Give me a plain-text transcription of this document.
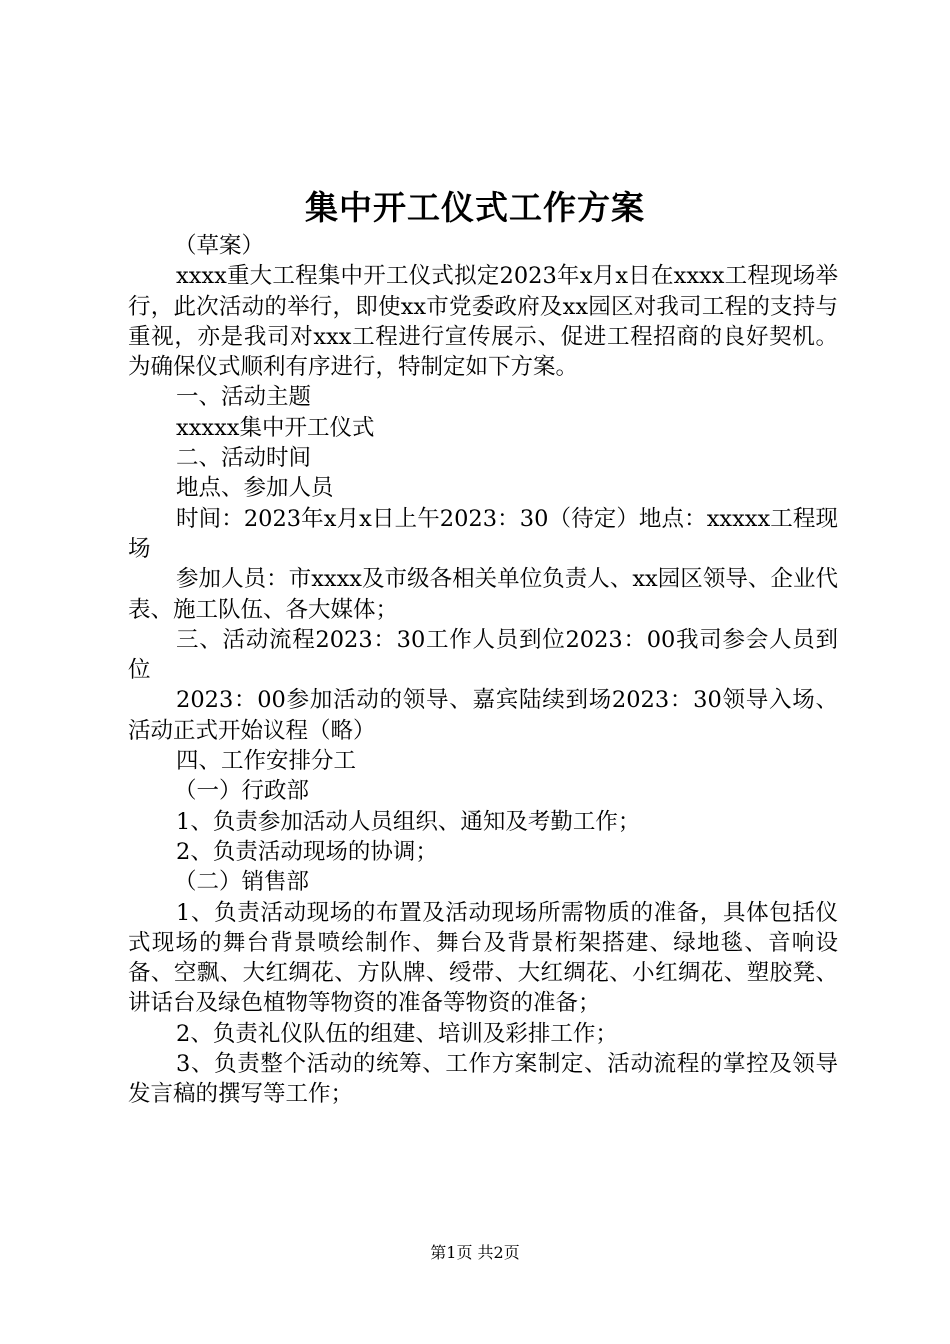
集中开工仪式工作方案

（草案）

xxxx重大工程集中开工仪式拟定2023年x月x日在xxxx工程现场举行，此次活动的举行，即使xx市党委政府及xx园区对我司工程的支持与重视，亦是我司对xxx工程进行宣传展示、促进工程招商的良好契机。为确保仪式顺利有序进行，特制定如下方案。

一、活动主题

xxxxx集中开工仪式

二、活动时间

地点、参加人员

时间：2023年x月x日上午2023：30（待定）地点：xxxxx工程现场

参加人员：市xxxx及市级各相关单位负责人、xx园区领导、企业代表、施工队伍、各大媒体；

三、活动流程2023：30工作人员到位2023：00我司参会人员到位

2023：00参加活动的领导、嘉宾陆续到场2023：30领导入场、活动正式开始议程（略）

四、工作安排分工

（一）行政部

1、负责参加活动人员组织、通知及考勤工作；

2、负责活动现场的协调；

（二）销售部

1、负责活动现场的布置及活动现场所需物质的准备，具体包括仪式现场的舞台背景喷绘制作、舞台及背景桁架搭建、绿地毯、音响设备、空飘、大红绸花、方队牌、绶带、大红绸花、小红绸花、塑胶凳、讲话台及绿色植物等物资的准备等物资的准备；

2、负责礼仪队伍的组建、培训及彩排工作；

3、负责整个活动的统筹、工作方案制定、活动流程的掌控及领导发言稿的撰写等工作；

第1页 共2页
